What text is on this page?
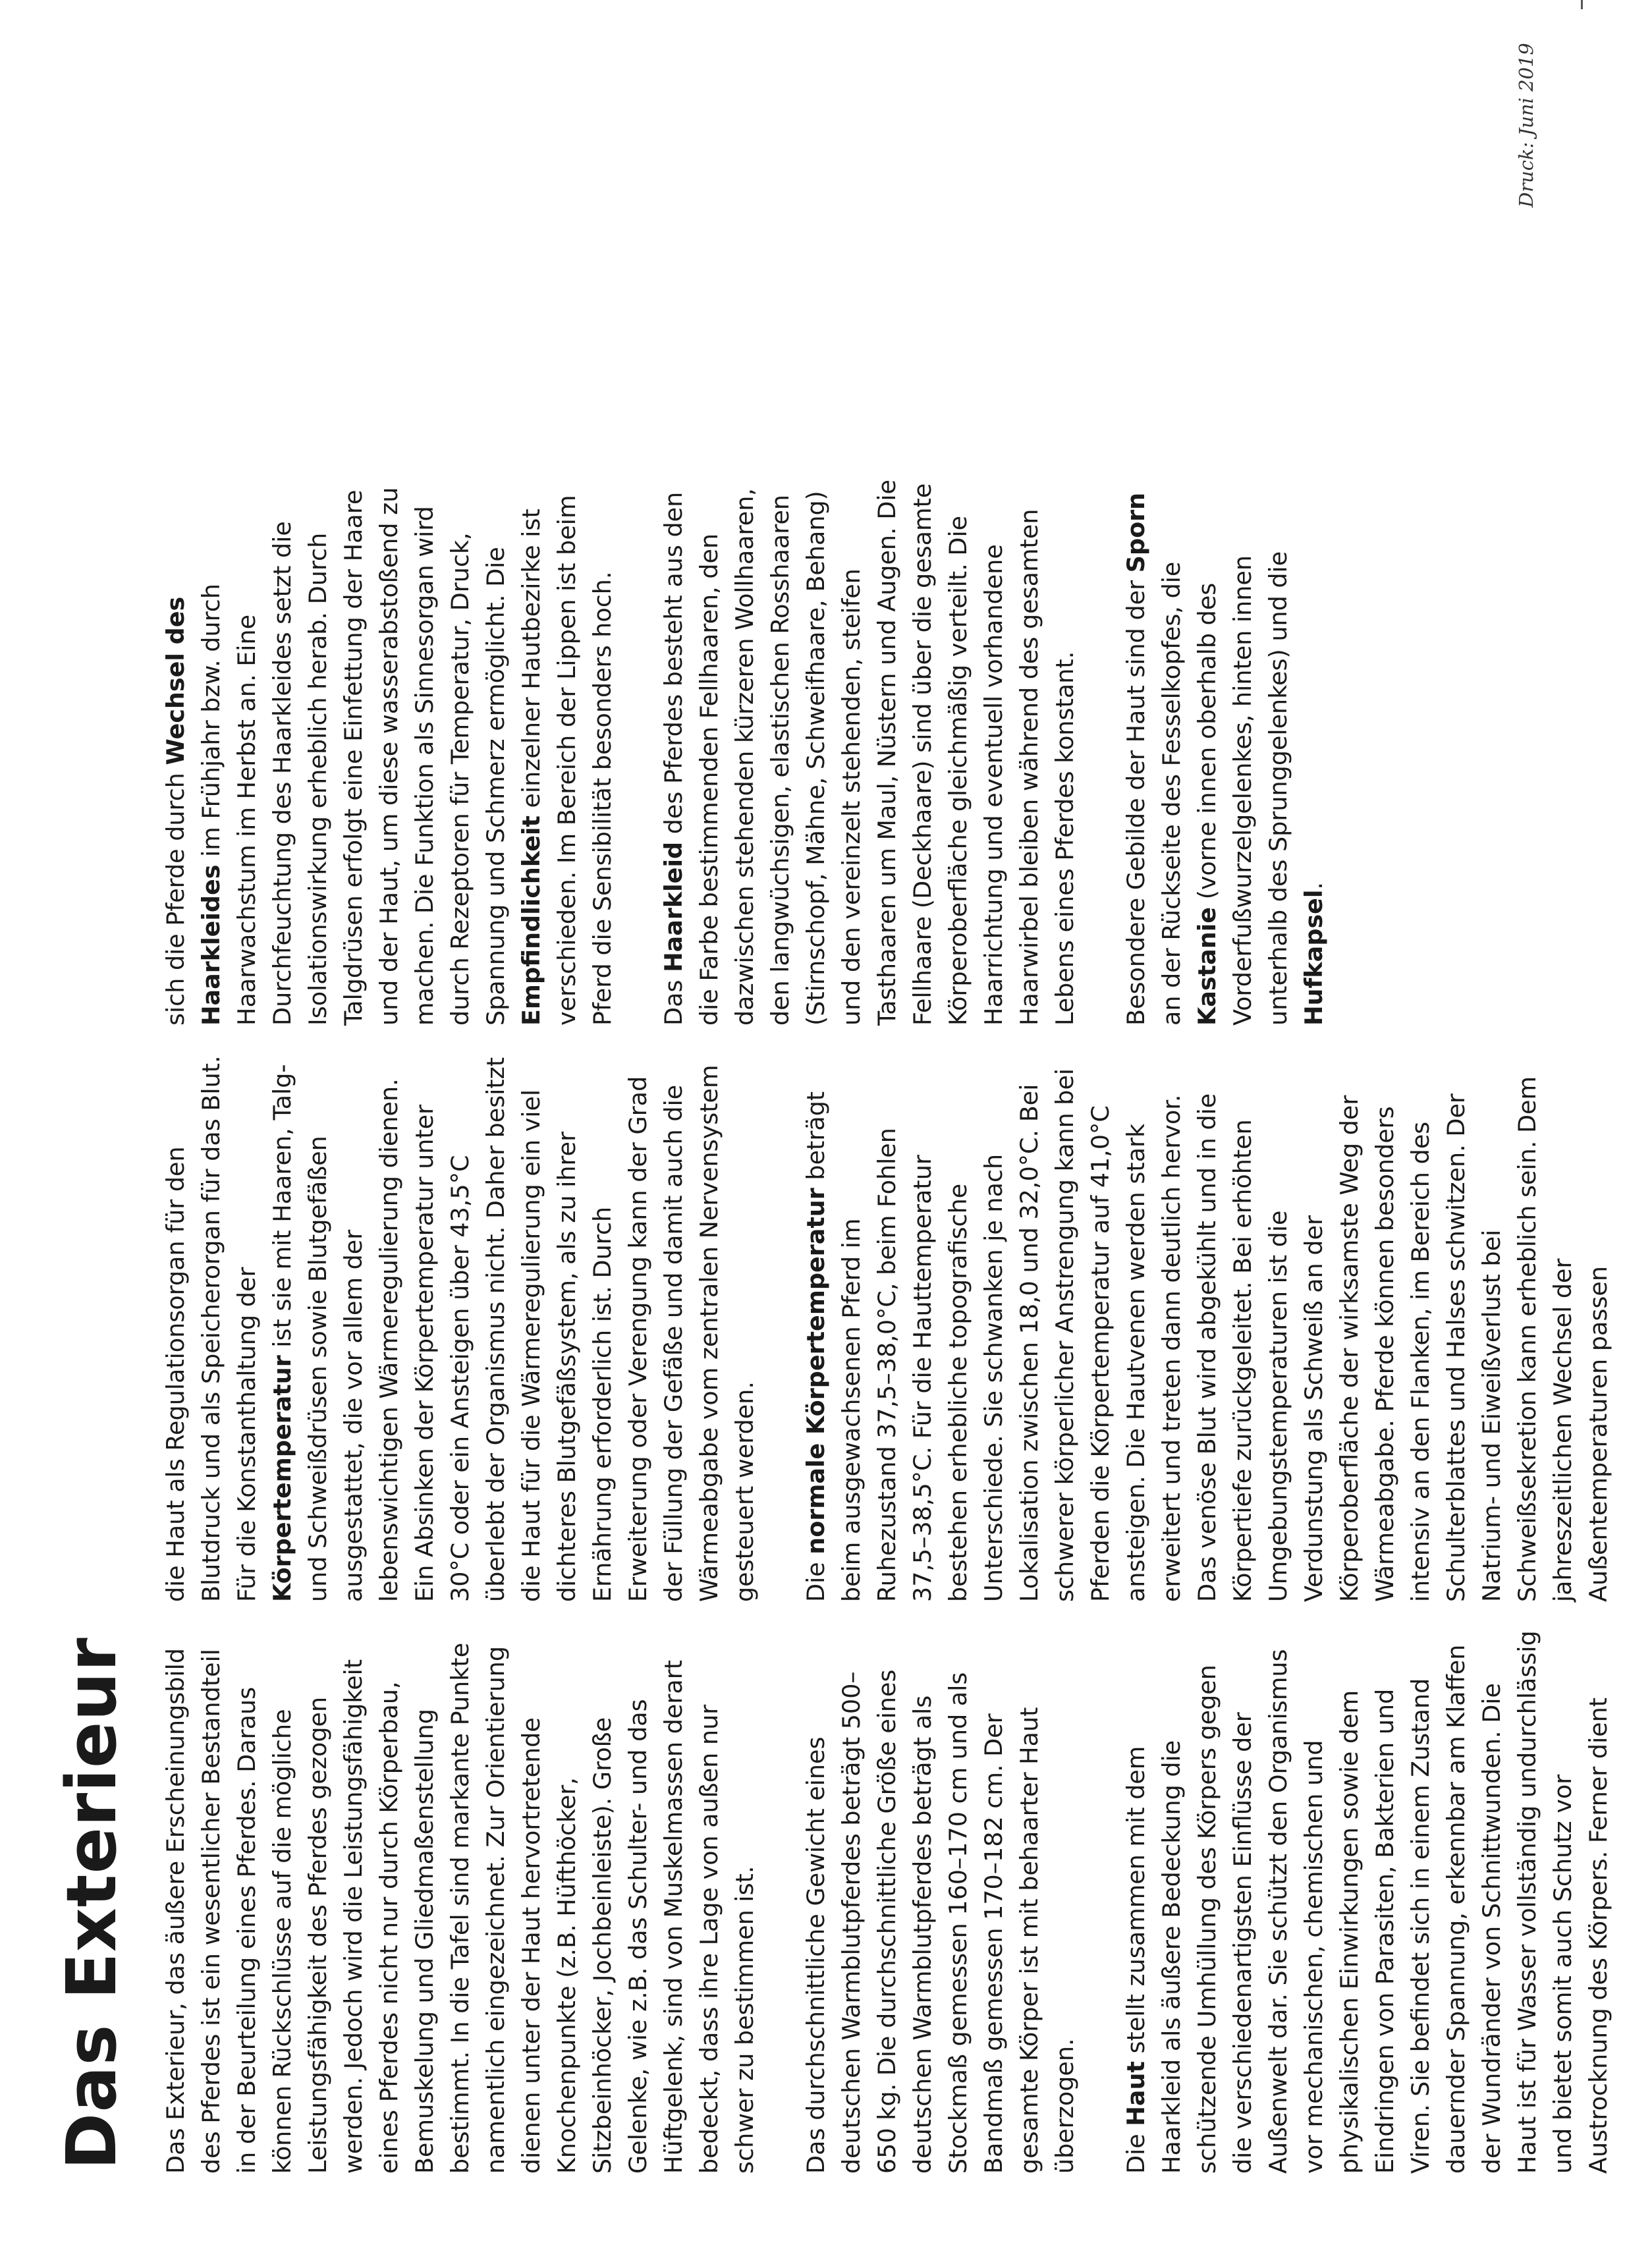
Das Exterieur Das Exterieur, das äußere Erscheinungsbild des Pferdes ist ein wesentlicher Bestandteil in der Beurteilung eines Pferdes. Daraus können Rückschlüsse auf die mögliche Leistungsfähigkeit des Pferdes gezogen werden. Jedoch wird die Leistungsfähigkeit eines Pferdes nicht nur durch Körperbau, Bemuskelung und Gliedmaßenstellung bestimmt. In die Tafel sind markante Punkte namentlich eingezeichnet. Zur Orientierung dienen unter der Haut hervortretende Knochenpunkte (z.B. Hüfthöcker, Sitzbeinhöcker, Jochbeinleiste). Große Gelenke, wie z.B. das Schulter- und das Hüftgelenk, sind von Muskelmassen derart bedeckt, dass ihre Lage von außen nur schwer zu bestimmen ist. Das durchschnittliche Gewicht eines deutschen Warmblutpferdes beträgt 500–650 kg. Die durchschnittliche Größe eines deutschen Warmblutpferdes beträgt als Stockmaß gemessen 160–170 cm und als Bandmaß gemessen 170–182 cm. Der gesamte Körper ist mit behaarter Haut überzogen. Die Haut stellt zusammen mit dem Haarkleid als äußere Bedeckung die schützende Umhüllung des Körpers gegen die verschiedenartigsten Einflüsse der Außenwelt dar. Sie schützt den Organismus vor mechanischen, chemischen und physikalischen Einwirkungen sowie dem Eindringen von Parasiten, Bakterien und Viren. Sie befindet sich in einem Zustand dauernder Spannung, erkennbar am Klaffen der Wundränder von Schnittwunden. Die Haut ist für Wasser vollständig undurchlässig und bietet somit auch Schutz vor Austrocknung des Körpers. Ferner dient

die Haut als Regulationsorgan für den Blutdruck und als Speicherorgan für das Blut. Für die Konstanthaltung der Körpertemperatur ist sie mit Haaren, Talg- und Schweißdrüsen sowie Blutgefäßen ausgestattet, die vor allem der lebenswichtigen Wärmeregulierung dienen. Ein Absinken der Körpertemperatur unter 30°C oder ein Ansteigen über 43,5°C überlebt der Organismus nicht. Daher besitzt die Haut für die Wärmeregulierung ein viel dichteres Blutgefäßsystem, als zu ihrer Ernährung erforderlich ist. Durch Erweiterung oder Verengung kann der Grad der Füllung der Gefäße und damit auch die Wärmeabgabe vom zentralen Nervensystem gesteuert werden. Die normale Körpertemperatur beträgt beim ausgewachsenen Pferd im Ruhezustand 37,5–38,0°C, beim Fohlen 37,5–38,5°C. Für die Hauttemperatur bestehen erhebliche topografische Unterschiede. Sie schwanken je nach Lokalisation zwischen 18,0 und 32,0°C. Bei schwerer körperlicher Anstrengung kann bei Pferden die Körpertemperatur auf 41,0°C ansteigen. Die Hautvenen werden stark erweitert und treten dann deutlich hervor. Das venöse Blut wird abgekühlt und in die Körpertiefe zurückgeleitet. Bei erhöhten Umgebungstemperaturen ist die Verdunstung als Schweiß an der Körperoberfläche der wirksamste Weg der Wärmeabgabe. Pferde können besonders intensiv an den Flanken, im Bereich des Schulterblattes und Halses schwitzen. Der Natrium- und Eiweißverlust bei Schweißsekretion kann erheblich sein. Dem jahreszeitlichen Wechsel der Außentemperaturen passen

sich die Pferde durch Wechsel des Haarkleides im Frühjahr bzw. durch Haarwachstum im Herbst an. Eine Durchfeuchtung des Haarkleides setzt die Isolationswirkung erheblich herab. Durch Talgdrüsen erfolgt eine Einfettung der Haare und der Haut, um diese wasserabstoßend zu machen. Die Funktion als Sinnesorgan wird durch Rezeptoren für Temperatur, Druck, Spannung und Schmerz ermöglicht. Die Empfindlichkeit einzelner Hautbezirke ist verschieden. Im Bereich der Lippen ist beim Pferd die Sensibilität besonders hoch. Das Haarkleid des Pferdes besteht aus den die Farbe bestimmenden Fellhaaren, den dazwischen stehenden kürzeren Wollhaaren, den langwüchsigen, elastischen Rosshaaren (Stirnschopf, Mähne, Schweifhaare, Behang) und den vereinzelt stehenden, steifen Tasthaaren um Maul, Nüstern und Augen. Die Fellhaare (Deckhaare) sind über die gesamte Körperoberfläche gleichmäßig verteilt. Die Haarrichtung und eventuell vorhandene Haarwirbel bleiben während des gesamten Lebens eines Pferdes konstant. Besondere Gebilde der Haut sind der Sporn an der Rückseite des Fesselkopfes, die Kastanie (vorne innen oberhalb des Vorderfußwurzelgelenkes, hinten innen unterhalb des Sprunggelenkes) und die Hufkapsel.

Druck: Juni 2019
